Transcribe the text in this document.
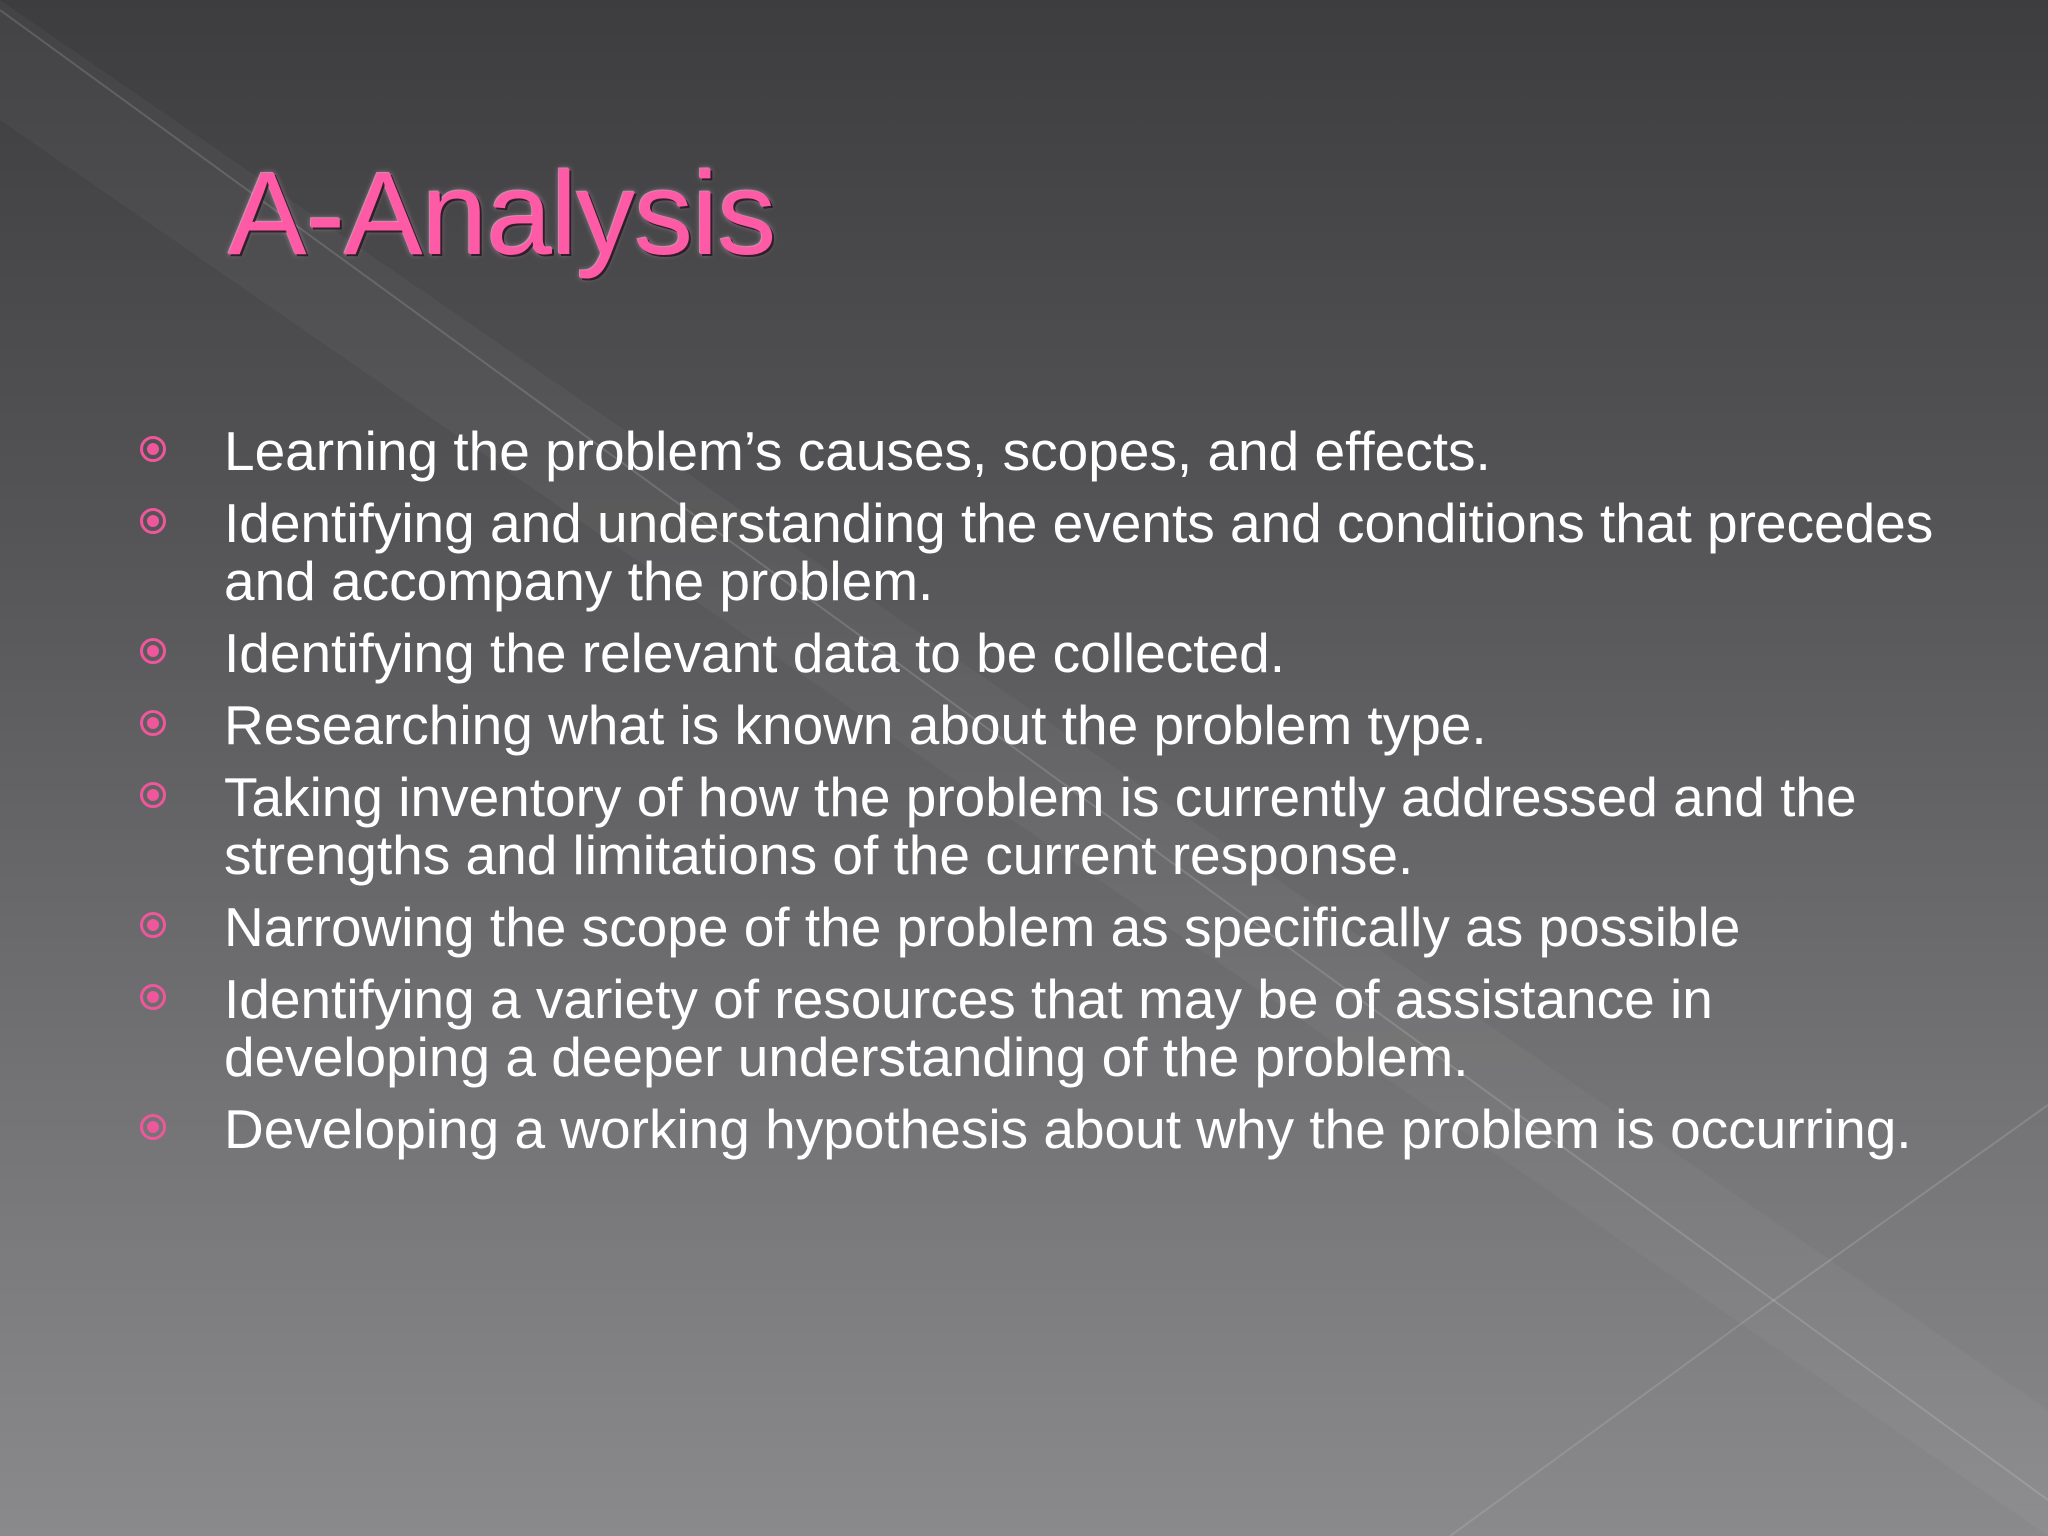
A-Analysis
Learning the problem’s causes, scopes, and effects.
Identifying and understanding the events and conditions that precedes and accompany the problem.
Identifying the relevant data to be collected.
Researching what is known about the problem type.
Taking inventory of how the problem is currently addressed and the strengths and limitations of the current response.
Narrowing the scope of the problem as specifically as possible
Identifying a variety of resources that may be of assistance in developing a deeper understanding of the problem.
Developing a working hypothesis about why the problem is occurring.
